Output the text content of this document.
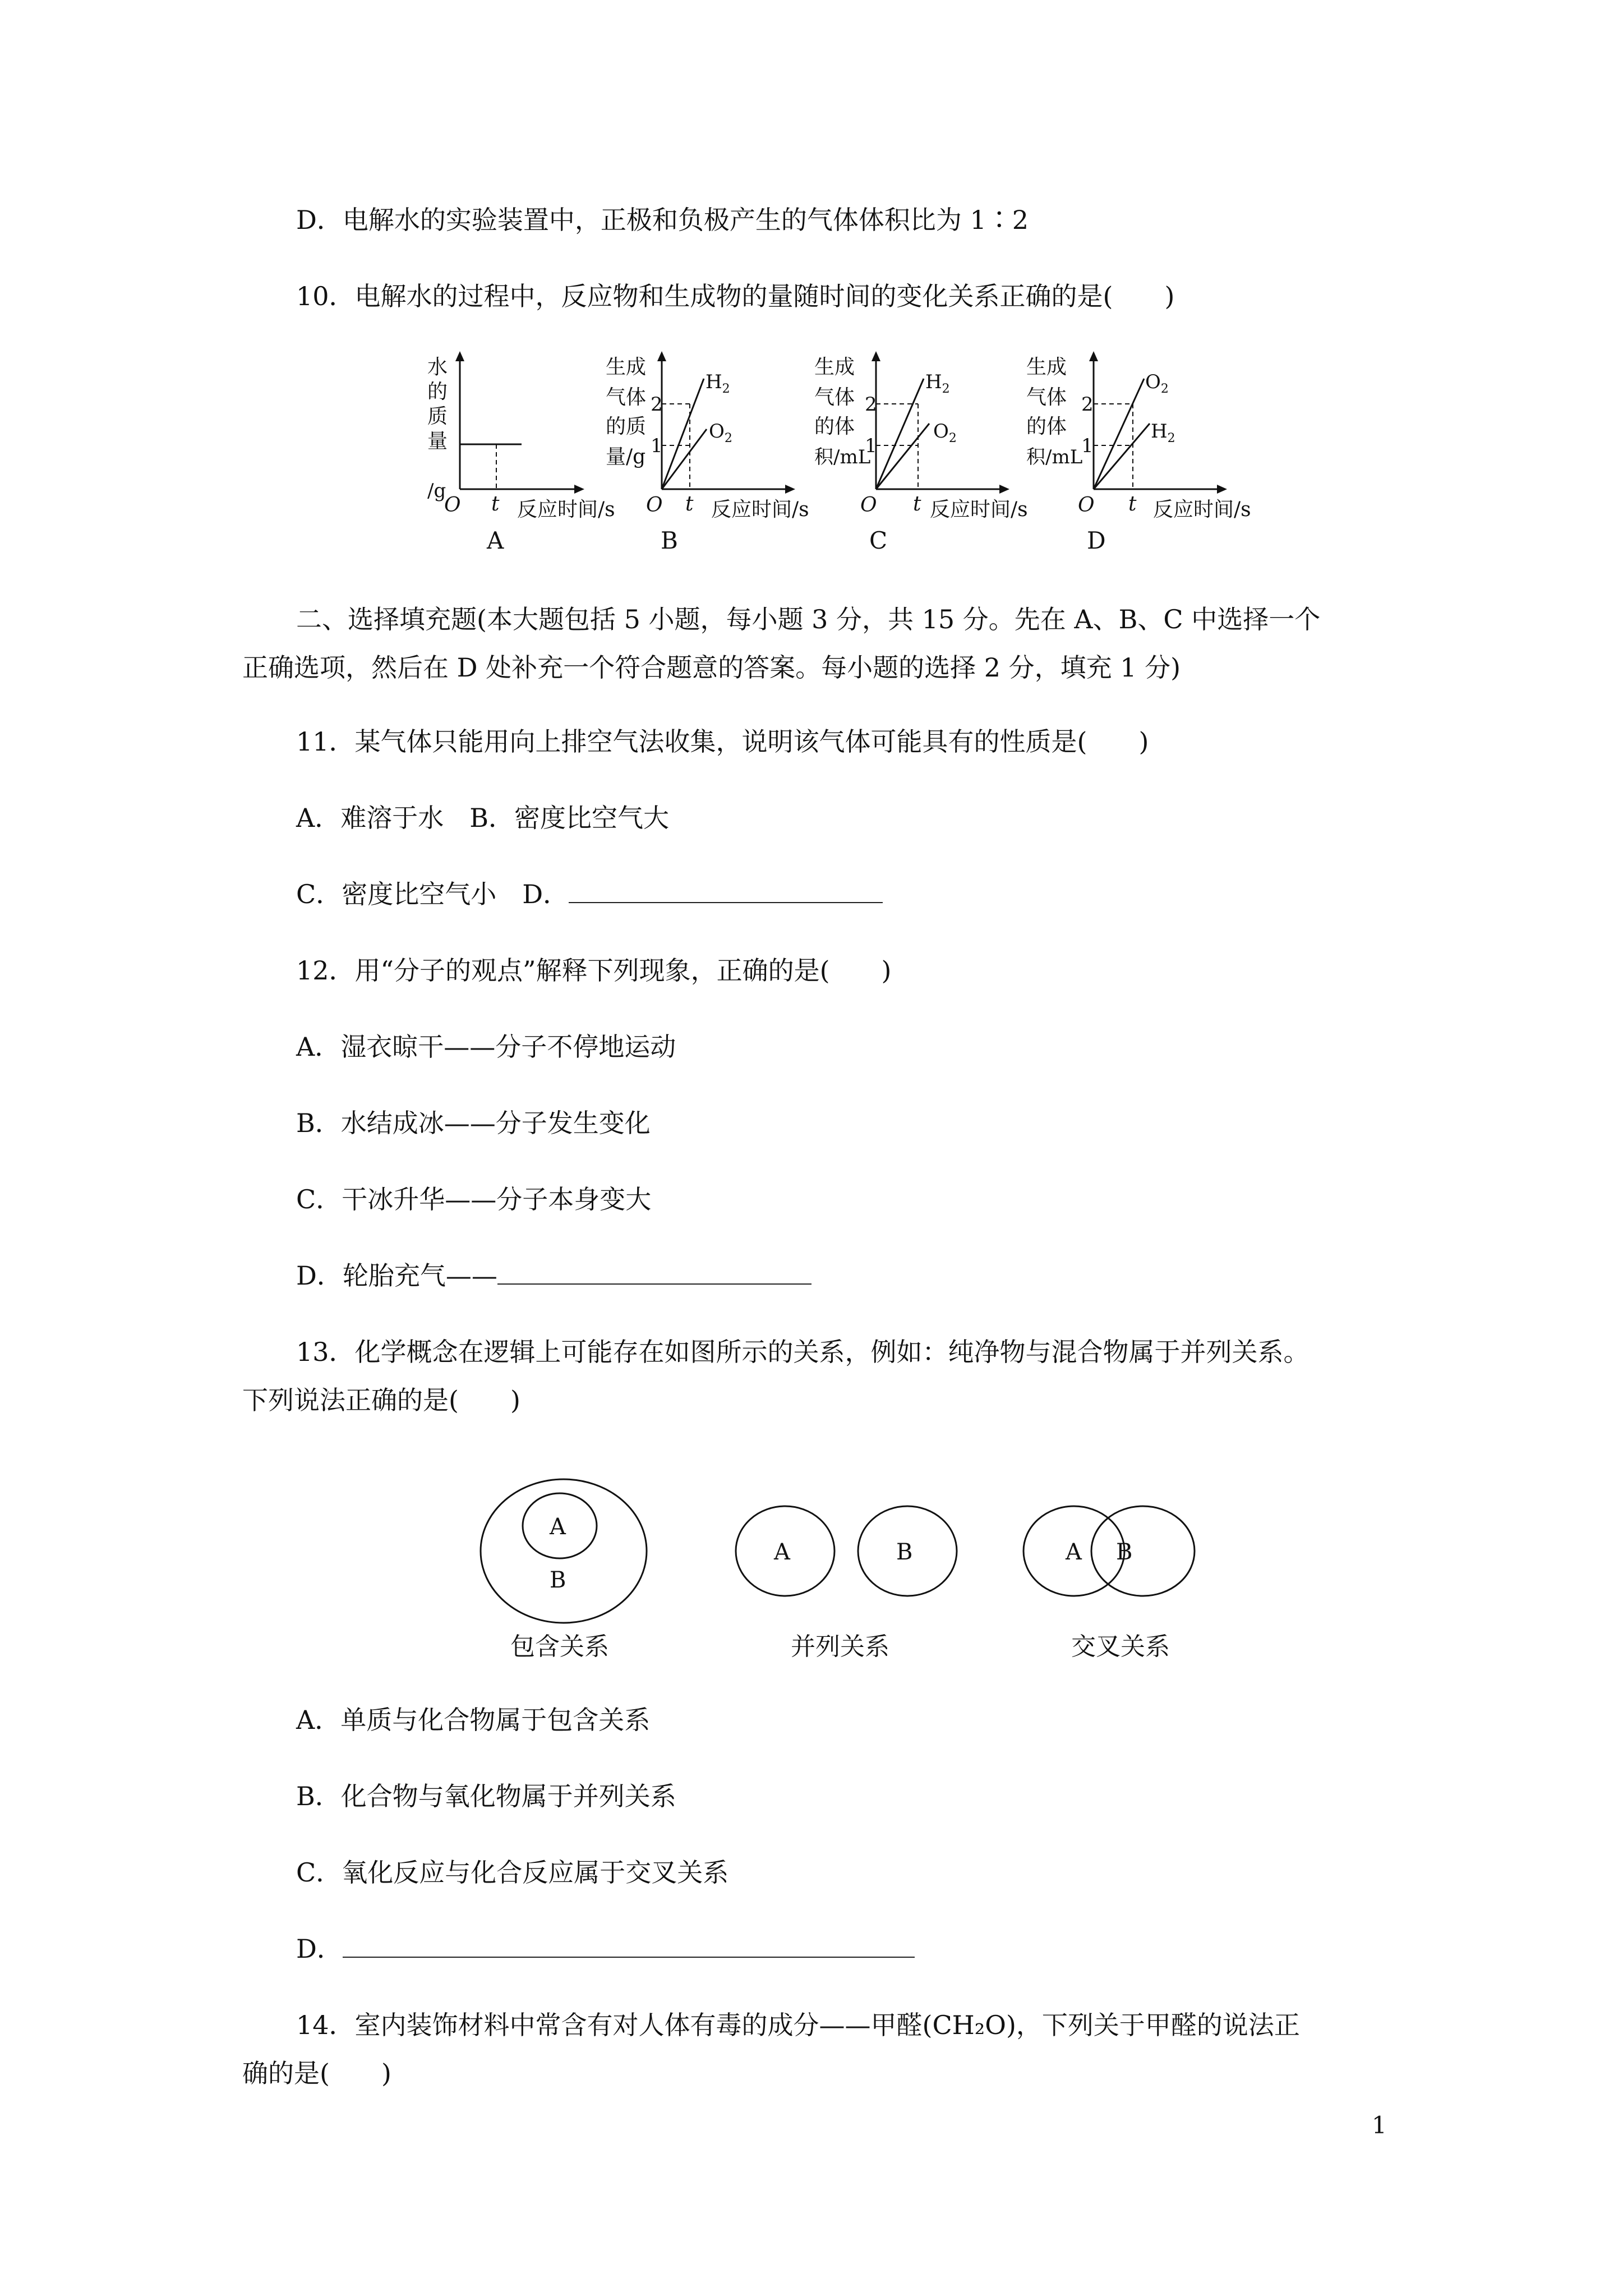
D．电解水的实验装置中，正极和负极产生的气体体积比为 1∶2
10．电解水的过程中，反应物和生成物的量随时间的变化关系正确的是(　　)
水
的
质
量
/g
O t 反应时间/s
A
生成
气体
的质
量/g
2
1
$H_2$
$O_2$
O t 反应时间/s
B
生成
气体
的体
积/mL
2
1
$H_2$
$O_2$
O t 反应时间/s
C
生成
气体
的体
积/mL
2
1
$O_2$
$H_2$
O t 反应时间/s
D
二、选择填充题(本大题包括 5 小题，每小题 3 分，共 15 分。先在 A、B、C 中选择一个
正确选项，然后在 D 处补充一个符合题意的答案。每小题的选择 2 分，填充 1 分)
11．某气体只能用向上排空气法收集，说明该气体可能具有的性质是(　　)
A．难溶于水　B．密度比空气大
C．密度比空气小　D．
12．用“分子的观点”解释下列现象，正确的是(　　)
A．湿衣晾干——分子不停地运动
B．水结成冰——分子发生变化
C．干冰升华——分子本身变大
D．轮胎充气——
13．化学概念在逻辑上可能存在如图所示的关系，例如：纯净物与混合物属于并列关系。
下列说法正确的是(　　)
A
B
包含关系
A	B
并列关系
A B
交叉关系
A．单质与化合物属于包含关系
B．化合物与氧化物属于并列关系
C．氧化反应与化合反应属于交叉关系
D．
14．室内装饰材料中常含有对人体有毒的成分——甲醛(CH₂O)，下列关于甲醛的说法正
确的是(　　)
1
